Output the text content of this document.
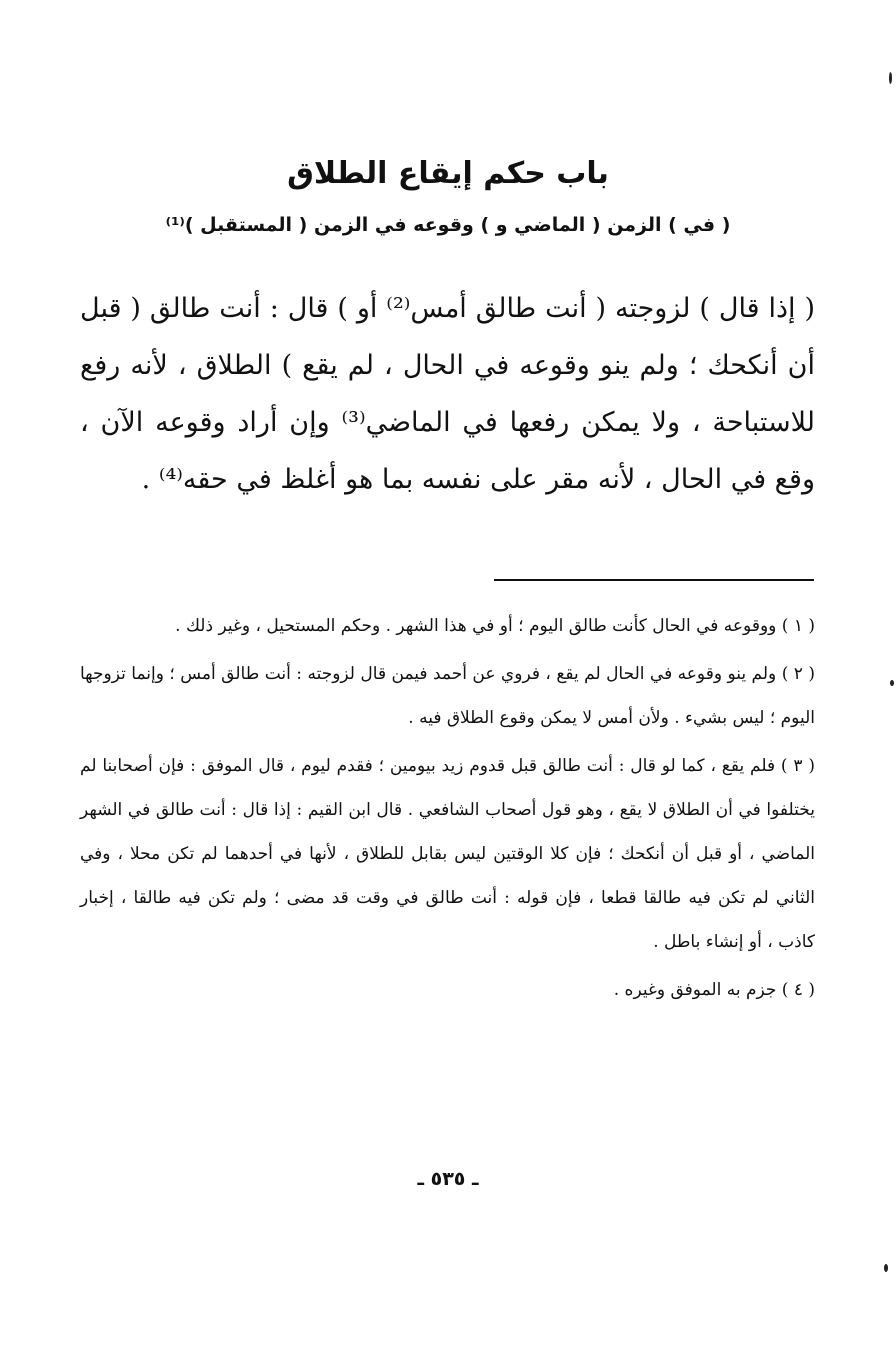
باب حكم إيقاع الطلاق
( في ) الزمن ( الماضي و ) وقوعه في الزمن ( المستقبل )⁽¹⁾

( إذا قال ) لزوجته ( أنت طالق أمس⁽²⁾ أو ) قال : أنت طالق ( قبل أن أنكحك ؛ ولم ينو وقوعه في الحال ، لم يقع ) الطلاق ، لأنه رفع للاستباحة ، ولا يمكن رفعها في الماضي⁽³⁾ وإن أراد وقوعه الآن ، وقع في الحال ، لأنه مقر على نفسه بما هو أغلظ في حقه⁽⁴⁾ .

( ١ ) ووقوعه في الحال كأنت طالق اليوم ؛ أو في هذا الشهر . وحكم المستحيل ، وغير ذلك .

( ٢ ) ولم ينو وقوعه في الحال لم يقع ، فروي عن أحمد فيمن قال لزوجته : أنت طالق أمس ؛ وإنما تزوجها اليوم ؛ ليس بشيء . ولأن أمس لا يمكن وقوع الطلاق فيه .

( ٣ ) فلم يقع ، كما لو قال : أنت طالق قبل قدوم زيد بيومين ؛ فقدم ليوم ، قال الموفق : فإن أصحابنا لم يختلفوا في أن الطلاق لا يقع ، وهو قول أصحاب الشافعي . قال ابن القيم : إذا قال : أنت طالق في الشهر الماضي ، أو قبل أن أنكحك ؛ فإن كلا الوقتين ليس بقابل للطلاق ، لأنها في أحدهما لم تكن محلا ، وفي الثاني لم تكن فيه طالقا قطعا ، فإن قوله : أنت طالق في وقت قد مضى ؛ ولم تكن فيه طالقا ، إخبار كاذب ، أو إنشاء باطل .

( ٤ ) جزم به الموفق وغيره .

ـ ٥٣٥ ـ
